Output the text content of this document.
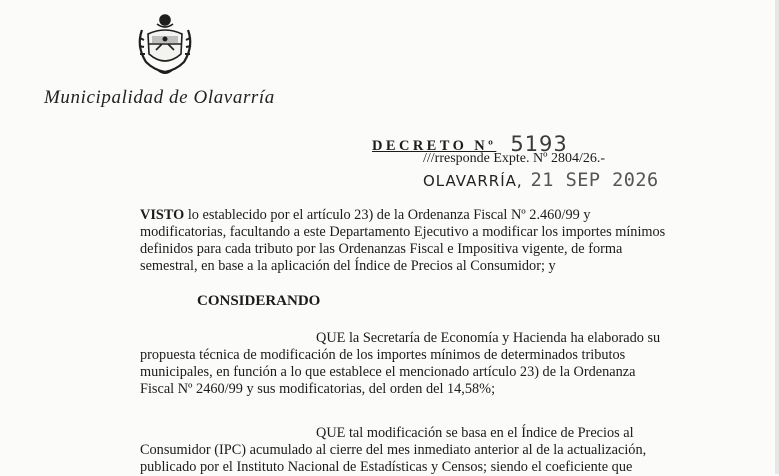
Municipalidad de Olavarría
DECRETO Nº 5193
///rresponde Expte. Nº 2804/26.-
OLAVARRÍA, 21 SEP 2026

VISTO lo establecido por el artículo 23) de la Ordenanza Fiscal Nº 2.460/99 y
modificatorias, facultando a este Departamento Ejecutivo a modificar los importes mínimos
definidos para cada tributo por las Ordenanzas Fiscal e Impositiva vigente, de forma
semestral, en base a la aplicación del Índice de Precios al Consumidor; y

CONSIDERANDO

QUE la Secretaría de Economía y Hacienda ha elaborado su
propuesta técnica de modificación de los importes mínimos de determinados tributos
municipales, en función a lo que establece el mencionado artículo 23) de la Ordenanza
Fiscal Nº 2460/99 y sus modificatorias, del orden del 14,58%;

QUE tal modificación se basa en el Índice de Precios al
Consumidor (IPC) acumulado al cierre del mes inmediato anterior al de la actualización,
publicado por el Instituto Nacional de Estadísticas y Censos; siendo el coeficiente que
